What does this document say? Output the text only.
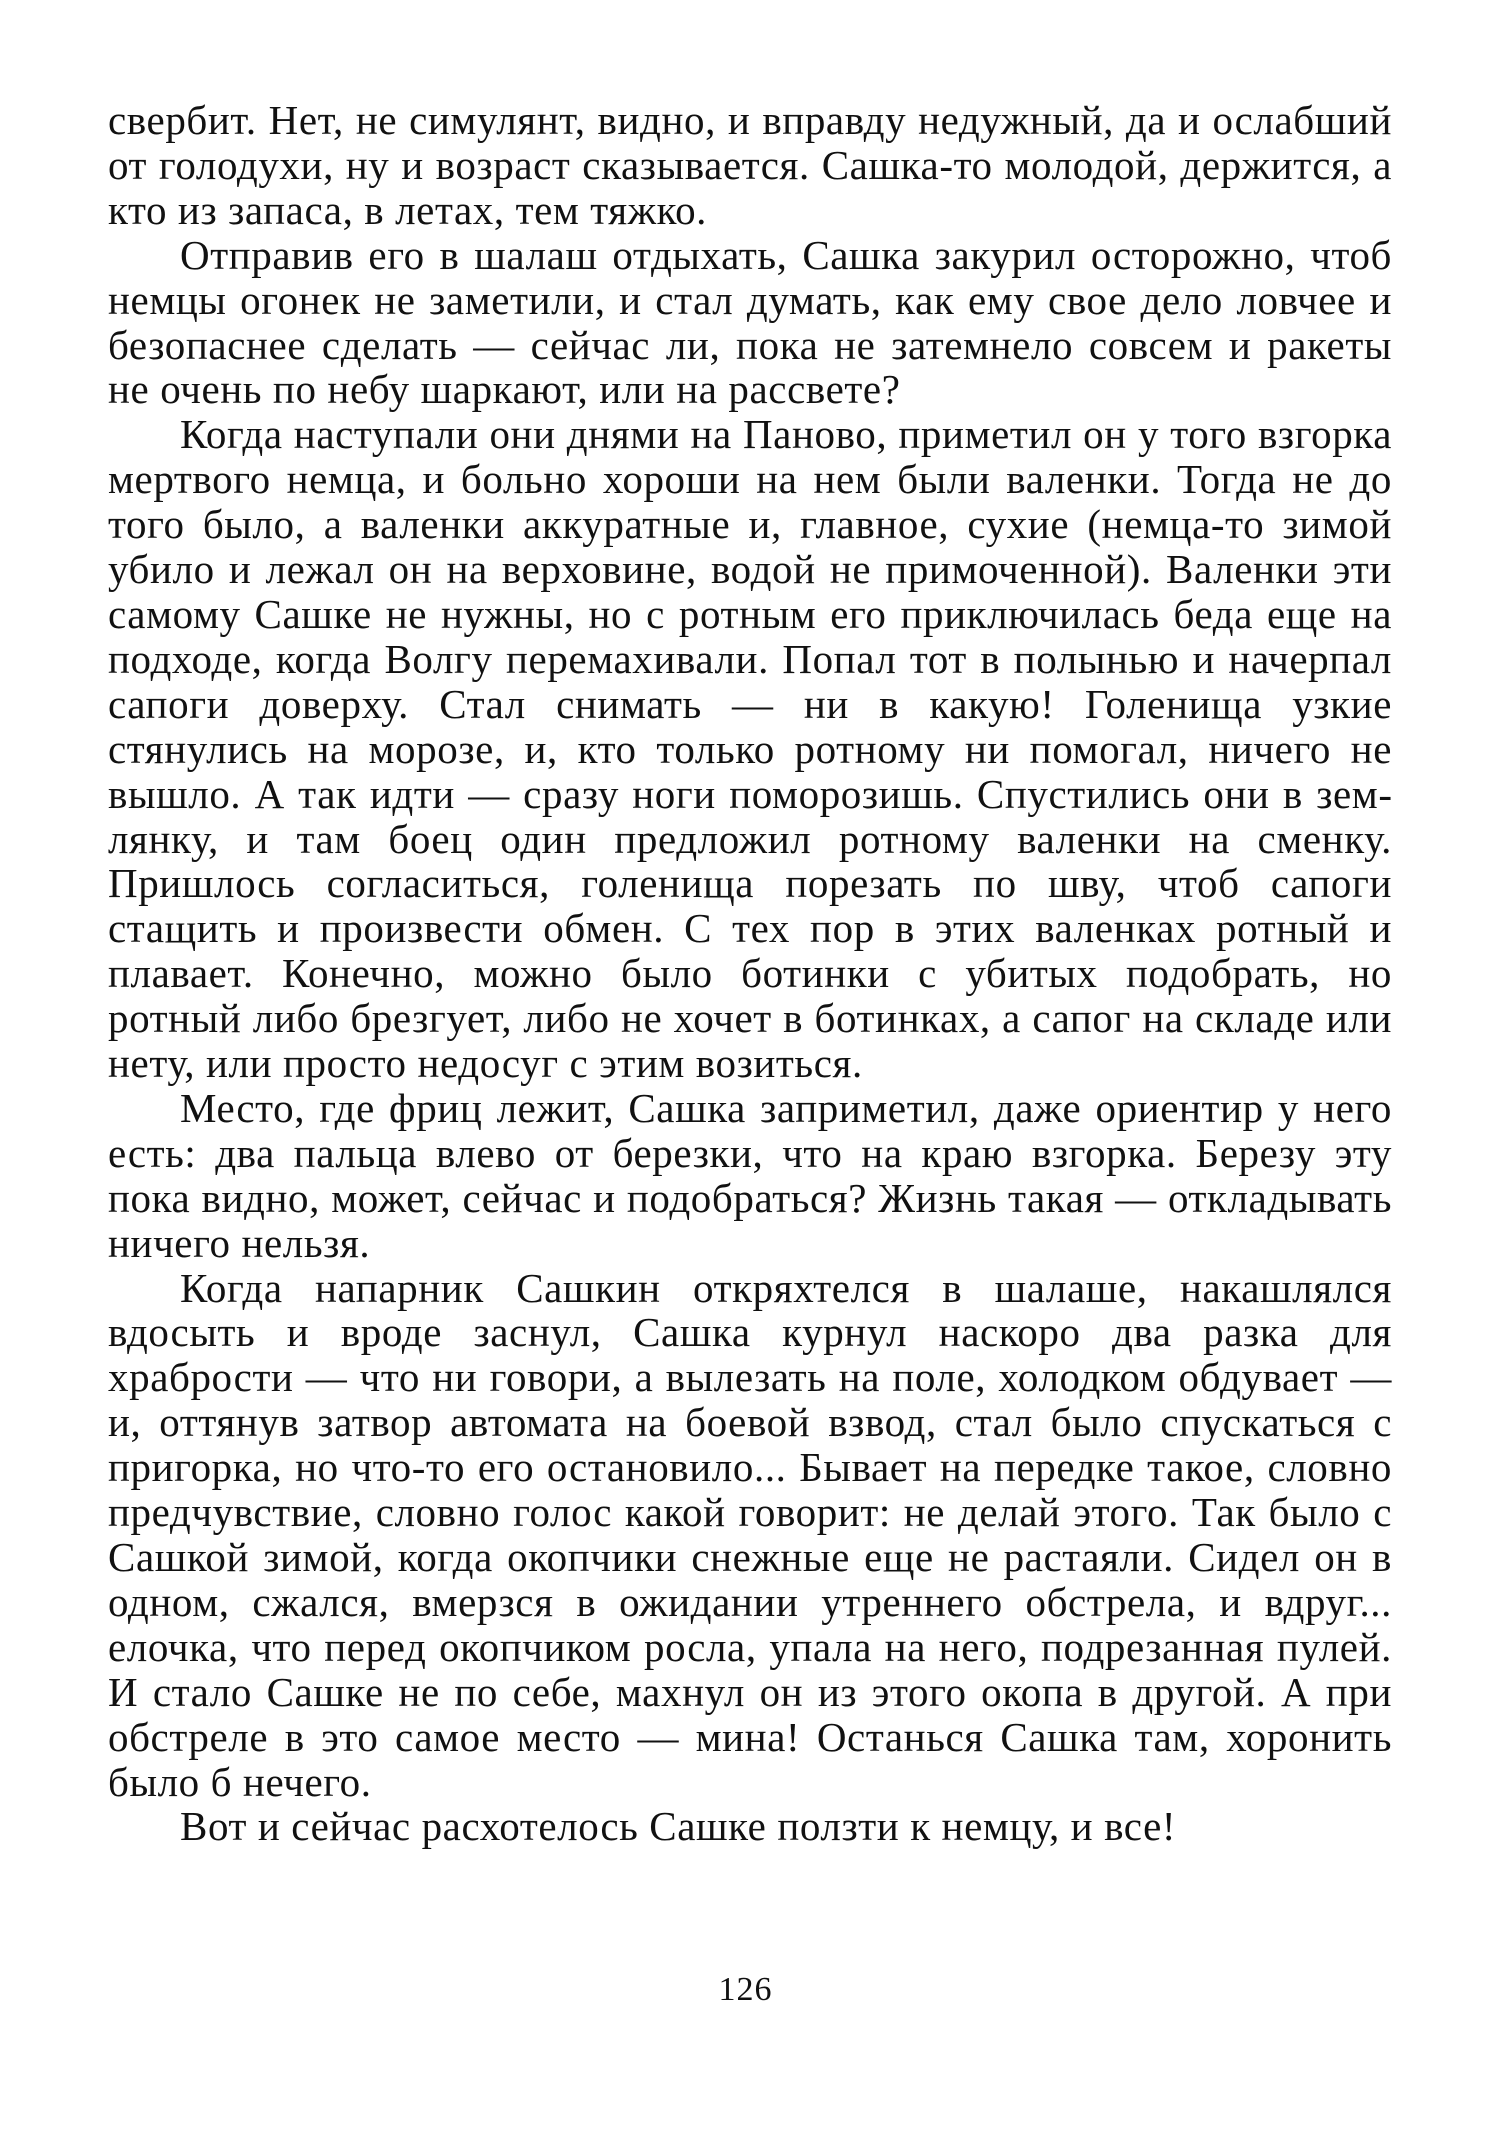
свербит. Нет, не симулянт, видно, и вправду недужный, да и ослабший от голодухи, ну и возраст сказывается. Сашка-то молодой, держится, а кто из запаса, в летах, тем тяжко.

Отправив его в шалаш отдыхать, Сашка закурил осторожно, чтоб немцы огонек не заметили, и стал думать, как ему свое дело ловчее и безопаснее сделать — сейчас ли, пока не затемнело совсем и ракеты не очень по небу шаркают, или на рассвете?

Когда наступали они днями на Паново, приметил он у того взгорка мертвого немца, и больно хороши на нем были валенки. Тогда не до того было, а валенки аккуратные и, главное, сухие (немца-то зимой убило и лежал он на верховине, водой не примоченной). Валенки эти самому Сашке не нужны, но с ротным его приключилась беда еще на подходе, когда Волгу перемахивали. Попал тот в полынью и начерпал сапоги доверху. Стал снимать — ни в какую! Голенища узкие стянулись на морозе, и, кто только ротному ни помогал, ничего не вышло. А так идти — сразу ноги поморозишь. Спустились они в землянку, и там боец один предложил ротному валенки на сменку. Пришлось согласиться, голенища порезать по шву, чтоб сапоги стащить и произвести обмен. С тех пор в этих валенках ротный и плавает. Конечно, можно было ботинки с убитых подобрать, но ротный либо брезгует, либо не хочет в ботинках, а сапог на складе или нету, или просто недосуг с этим возиться.

Место, где фриц лежит, Сашка заприметил, даже ориентир у него есть: два пальца влево от березки, что на краю взгорка. Березу эту пока видно, может, сейчас и подобраться? Жизнь такая — откладывать ничего нельзя.

Когда напарник Сашкин откряхтелся в шалаше, накашлялся вдосыть и вроде заснул, Сашка курнул наскоро два разка для храбрости — что ни говори, а вылезать на поле, холодком обдувает — и, оттянув затвор автомата на боевой взвод, стал было спускаться с пригорка, но что-то его остановило... Бывает на передке такое, словно предчувствие, словно голос какой говорит: не делай этого. Так было с Сашкой зимой, когда окопчики снежные еще не растаяли. Сидел он в одном, сжался, вмерзся в ожидании утреннего обстрела, и вдруг... елочка, что перед окопчиком росла, упала на него, подрезанная пулей. И стало Сашке не по себе, махнул он из этого окопа в другой. А при обстреле в это самое место — мина! Останься Сашка там, хоронить было б нечего.

Вот и сейчас расхотелось Сашке ползти к немцу, и все!

126
